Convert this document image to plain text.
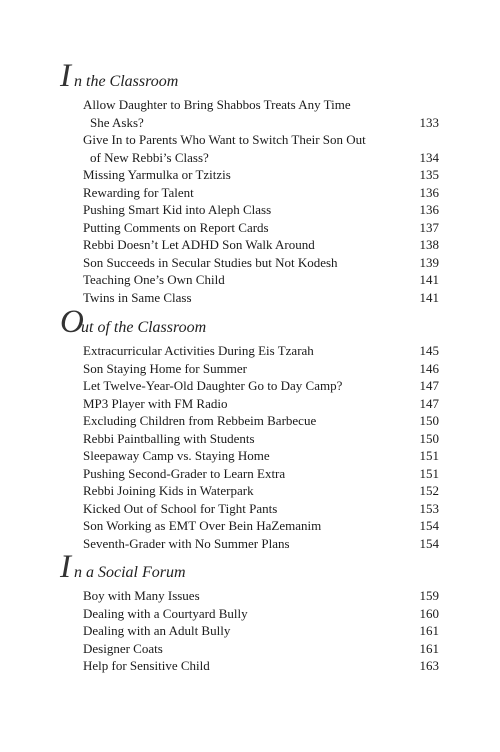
I n the Classroom
Allow Daughter to Bring Shabbos Treats Any Time
She Asks?	133
Give In to Parents Who Want to Switch Their Son Out
of New Rebbi’s Class?	134
Missing Yarmulka or Tzitzis	135
Rewarding for Talent	136
Pushing Smart Kid into Aleph Class	136
Putting Comments on Report Cards	137
Rebbi Doesn’t Let ADHD Son Walk Around	138
Son Succeeds in Secular Studies but Not Kodesh	139
Teaching One’s Own Child	141
Twins in Same Class	141
O
ut of the Classroom
Extracurricular Activities During Eis Tzarah	145
Son Staying Home for Summer	146
Let Twelve-Year-Old Daughter Go to Day Camp?	147
MP3 Player with FM Radio	147
Excluding Children from Rebbeim Barbecue	150
Rebbi Paintballing with Students	150
Sleepaway Camp vs. Staying Home	151
Pushing Second-Grader to Learn Extra	151
Rebbi Joining Kids in Waterpark	152
Kicked Out of School for Tight Pants	153
Son Working as EMT Over Bein HaZemanim	154
Seventh-Grader with No Summer Plans	154
I n a Social Forum
Boy with Many Issues	159
Dealing with a Courtyard Bully	160
Dealing with an Adult Bully	161
Designer Coats	161
Help for Sensitive Child	163
